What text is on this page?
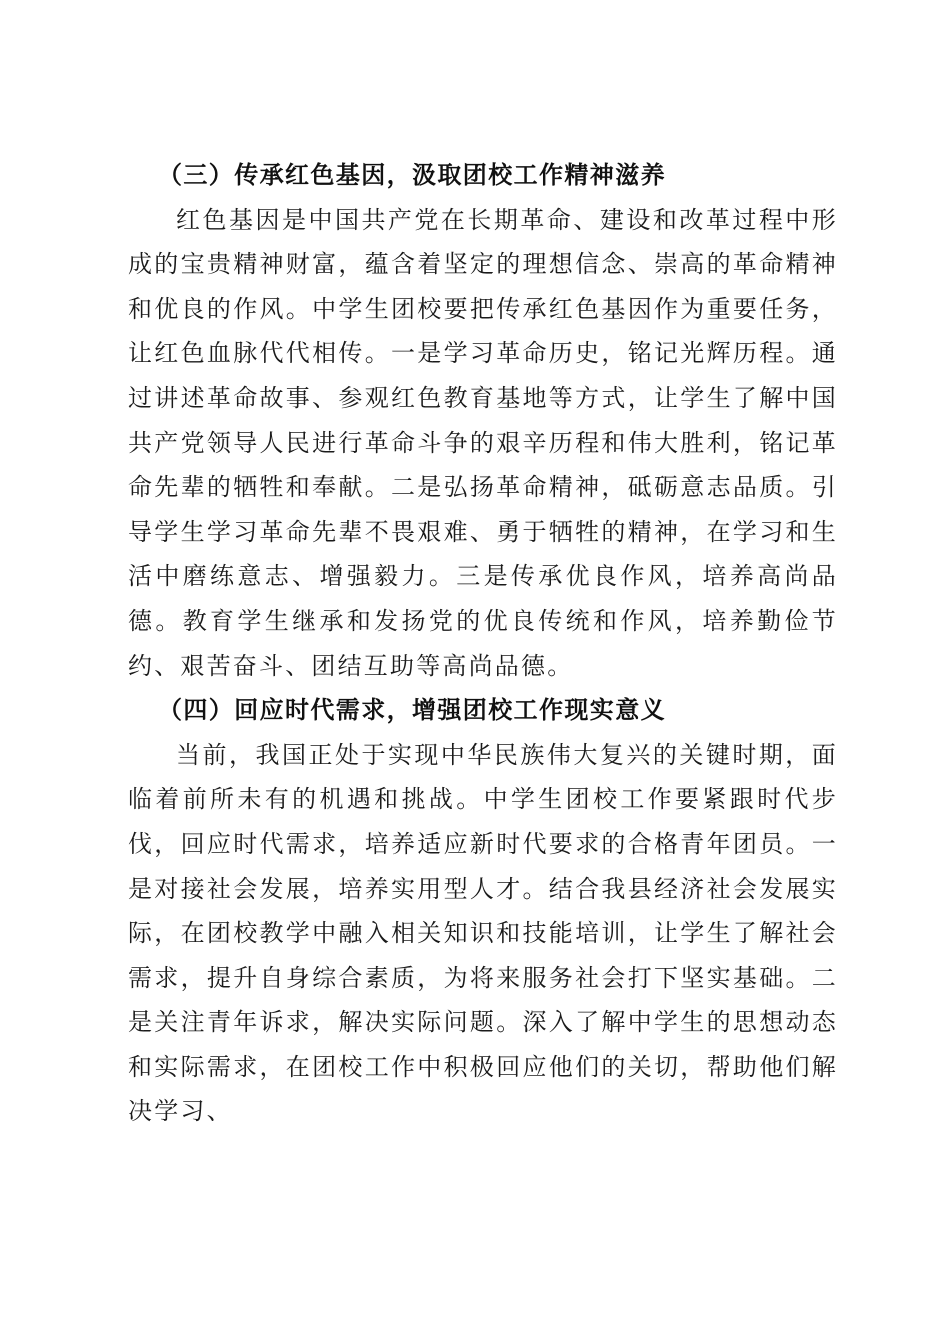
（三）传承红色基因，汲取团校工作精神滋养

红色基因是中国共产党在长期革命、建设和改革过程中形成的宝贵精神财富，蕴含着坚定的理想信念、崇高的革命精神和优良的作风。中学生团校要把传承红色基因作为重要任务，让红色血脉代代相传。一是学习革命历史，铭记光辉历程。通过讲述革命故事、参观红色教育基地等方式，让学生了解中国共产党领导人民进行革命斗争的艰辛历程和伟大胜利，铭记革命先辈的牺牲和奉献。二是弘扬革命精神，砥砺意志品质。引导学生学习革命先辈不畏艰难、勇于牺牲的精神，在学习和生活中磨练意志、增强毅力。三是传承优良作风，培养高尚品德。教育学生继承和发扬党的优良传统和作风，培养勤俭节约、艰苦奋斗、团结互助等高尚品德。

（四）回应时代需求，增强团校工作现实意义

当前，我国正处于实现中华民族伟大复兴的关键时期，面临着前所未有的机遇和挑战。中学生团校工作要紧跟时代步伐，回应时代需求，培养适应新时代要求的合格青年团员。一是对接社会发展，培养实用型人才。结合我县经济社会发展实际，在团校教学中融入相关知识和技能培训，让学生了解社会需求，提升自身综合素质，为将来服务社会打下坚实基础。二是关注青年诉求，解决实际问题。深入了解中学生的思想动态和实际需求，在团校工作中积极回应他们的关切，帮助他们解决学习、
